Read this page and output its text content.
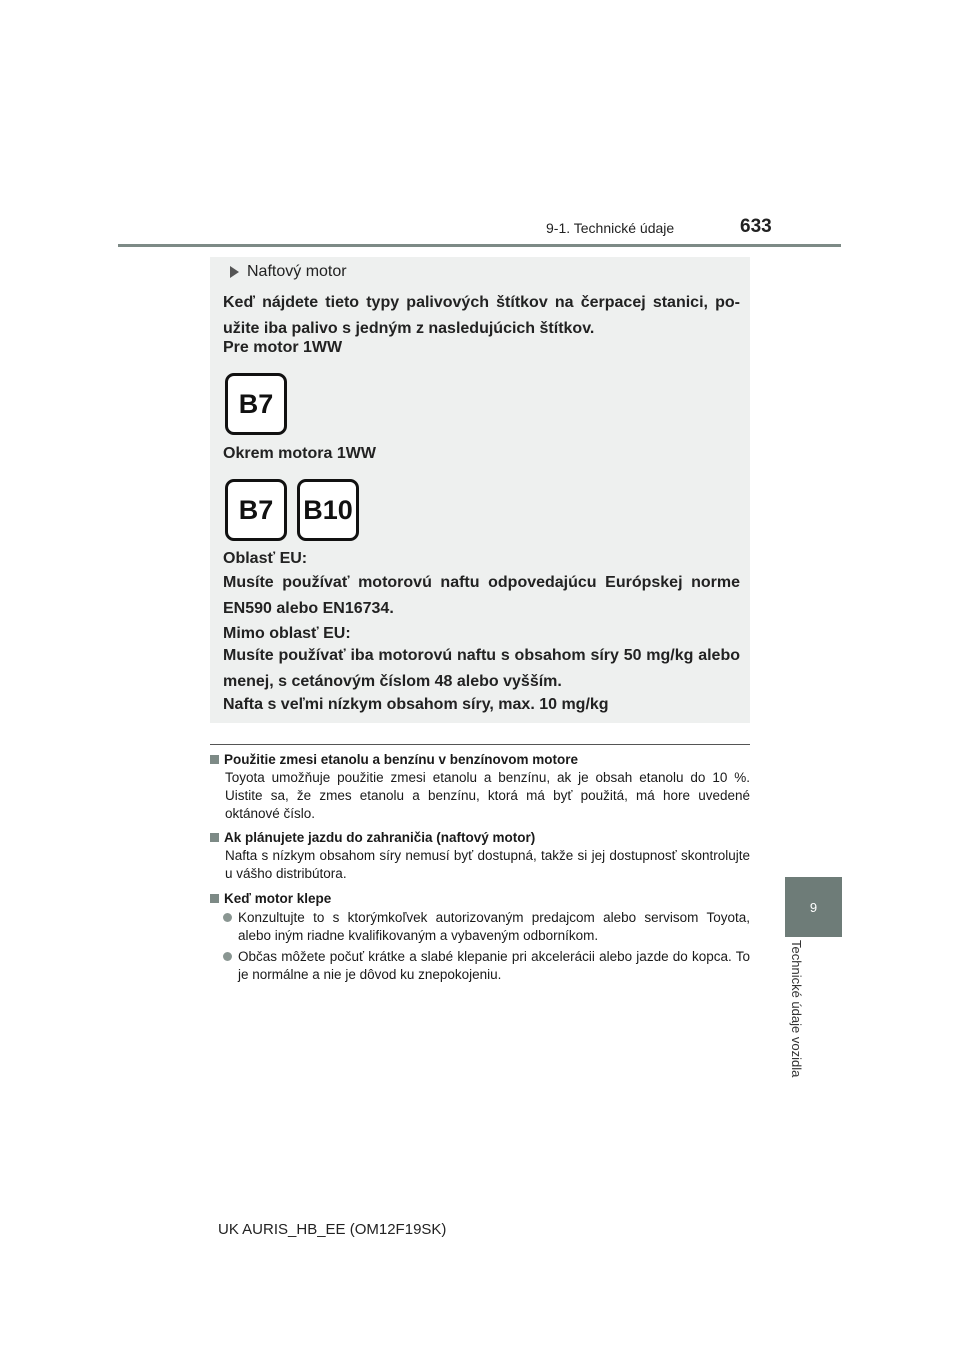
9-1. Technické údaje	633
9
Technické údaje vozidla
Naftový motor
Keď nájdete tieto typy palivových štítkov na čerpacej stanici, po-užite iba palivo s jedným z nasledujúcich štítkov.
Pre motor 1WW
B7
Okrem motora 1WW
B7	B10
Oblasť EU:
Musíte používať motorovú naftu odpovedajúcu Európskej norme EN590 alebo EN16734.
Mimo oblasť EU:
Musíte používať iba motorovú naftu s obsahom síry 50 mg/kg alebo menej, s cetánovým číslom 48 alebo vyšším.
Nafta s veľmi nízkym obsahom síry, max. 10 mg/kg
Použitie zmesi etanolu a benzínu v benzínovom motore
Toyota umožňuje použitie zmesi etanolu a benzínu, ak je obsah etanolu do 10 %. Uistite sa, že zmes etanolu a benzínu, ktorá má byť použitá, má hore uvedené oktánové číslo.
Ak plánujete jazdu do zahraničia (naftový motor)
Nafta s nízkym obsahom síry nemusí byť dostupná, takže si jej dostupnosť skontrolujte u vášho distribútora.
Keď motor klepe
Konzultujte to s ktorýmkoľvek autorizovaným predajcom alebo servisom Toyota, alebo iným riadne kvalifikovaným a vybaveným odborníkom.
Občas môžete počuť krátke a slabé klepanie pri akcelerácii alebo jazde do kopca. To je normálne a nie je dôvod ku znepokojeniu.
UK AURIS_HB_EE (OM12F19SK)
